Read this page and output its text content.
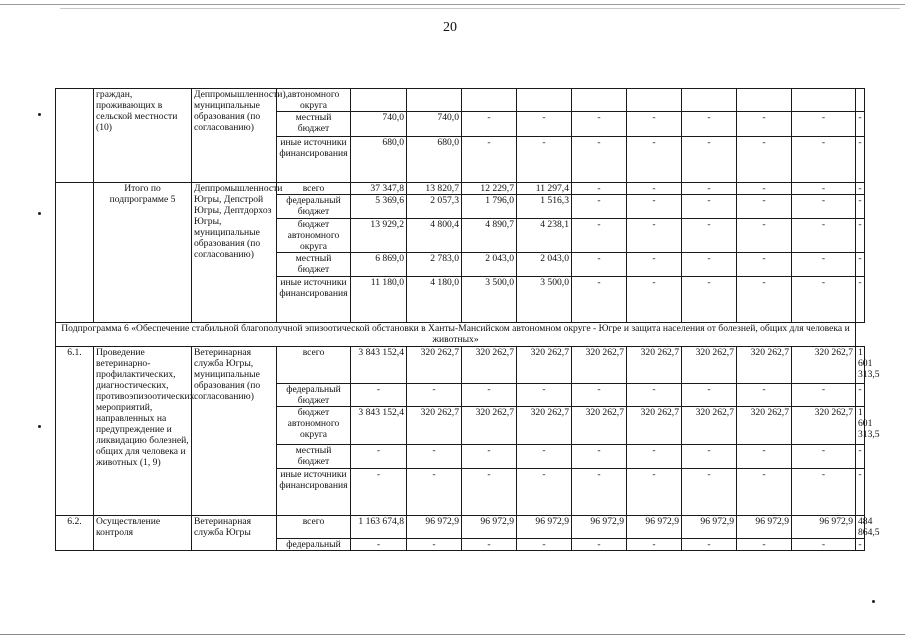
20
	граждан, проживающих в сельской местности (10)	Деппромышленности), муниципальные образования (по согласованию)	автономного округа										
			местный бюджет	740,0	740,0	-	-	-	-	-	-	-	-
			иные источники финансирования	680,0	680,0	-	-	-	-	-	-	-	-
	Итого по подпрограмме 5	Деппромышленности Югры, Депстрой Югры, Дептдорхоз Югры, муниципальные образования (по согласованию)	всего	37 347,8	13 820,7	12 229,7	11 297,4	-	-	-	-	-	-
			федеральный бюджет	5 369,6	2 057,3	1 796,0	1 516,3	-	-	-	-	-	-
			бюджет автономного округа	13 929,2	4 800,4	4 890,7	4 238,1	-	-	-	-	-	-
			местный бюджет	6 869,0	2 783,0	2 043,0	2 043,0	-	-	-	-	-	-
			иные источники финансирования	11 180,0	4 180,0	3 500,0	3 500,0	-	-	-	-	-	-
Подпрограмма 6 «Обеспечение стабильной благополучной эпизоотической обстановки в Ханты-Мансийском автономном округе - Югре и защита населения от болезней, общих для человека и животных»													
6.1.	Проведение ветеринарно-профилактических, диагностических, противоэпизоотических мероприятий, направленных на предупреждение и ликвидацию болезней, общих для человека и животных (1, 9)	Ветеринарная служба Югры, муниципальные образования (по согласованию)	всего	3 843 152,4	320 262,7	320 262,7	320 262,7	320 262,7	320 262,7	320 262,7	320 262,7	320 262,7	1 601 313,5
			федеральный бюджет	-	-	-	-	-	-	-	-	-	-
			бюджет автономного округа	3 843 152,4	320 262,7	320 262,7	320 262,7	320 262,7	320 262,7	320 262,7	320 262,7	320 262,7	1 601 313,5
			местный бюджет	-	-	-	-	-	-	-	-	-	-
			иные источники финансирования	-	-	-	-	-	-	-	-	-	-
6.2.	Осуществление контроля	Ветеринарная служба Югры	всего	1 163 674,8	96 972,9	96 972,9	96 972,9	96 972,9	96 972,9	96 972,9	96 972,9	96 972,9	484 864,5
			федеральный	-	-	-	-	-	-	-	-	-	-
